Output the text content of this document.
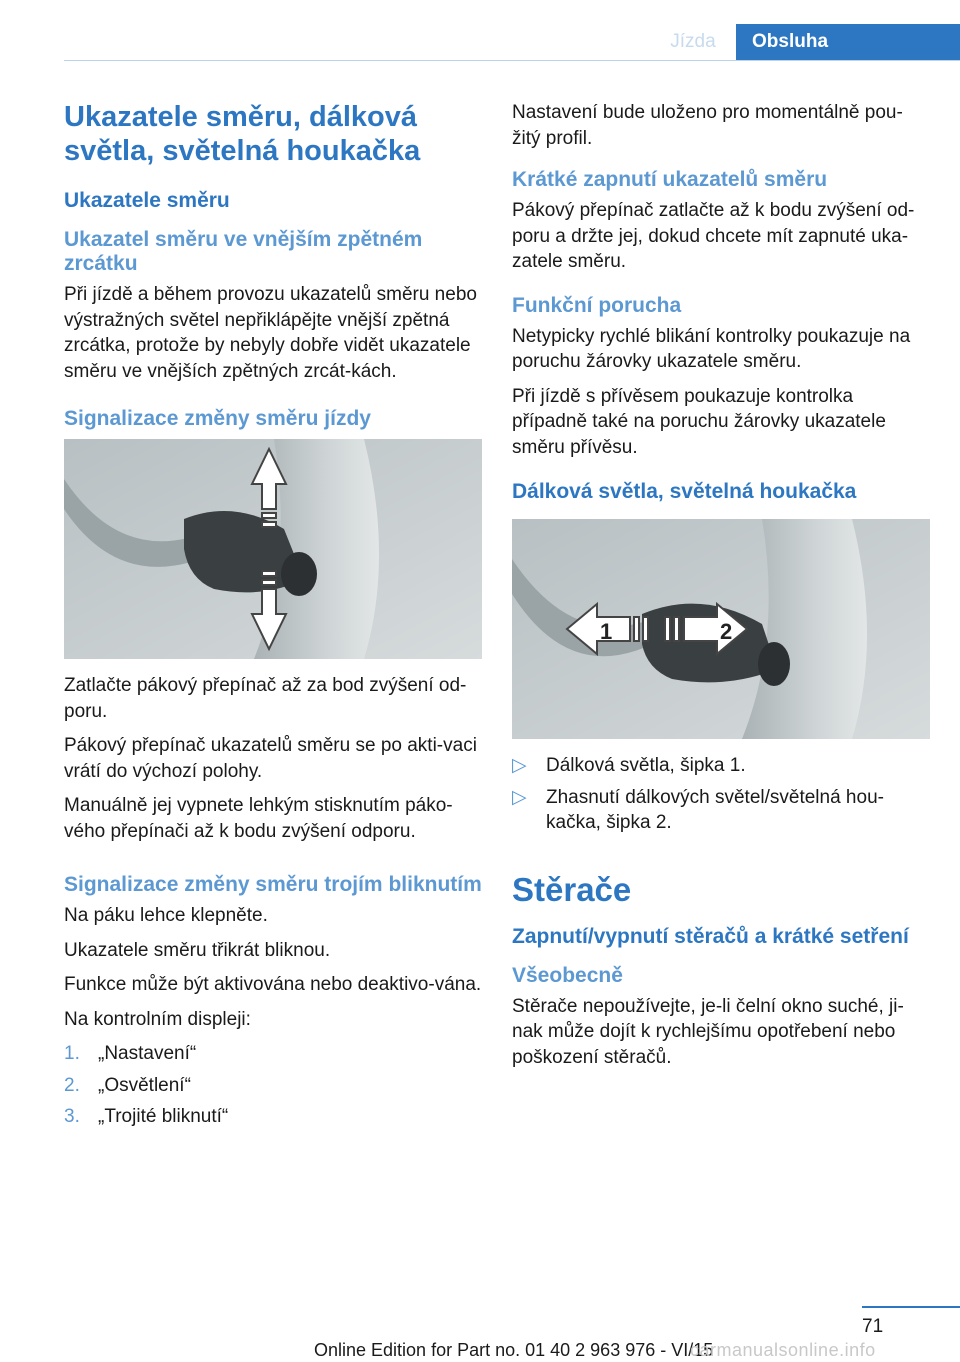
Jízda	Obsluha
Ukazatele směru, dálková světla, světelná houkačka
Ukazatele směru
Ukazatel směru ve vnějším zpětném zrcátku

Při jízdě a během provozu ukazatelů směru nebo výstražných světel nepřiklápějte vnější zpětná zrcátka, protože by nebyly dobře vidět ukazatele směru ve vnějších zpětných zrcát‐kách.

Signalizace změny směru jízdy

Zatlačte pákový přepínač až za bod zvýšení od‐poru.

Pákový přepínač ukazatelů směru se po akti‐vaci vrátí do výchozí polohy.

Manuálně jej vypnete lehkým stisknutím páko‐vého přepínači až k bodu zvýšení odporu.

Signalizace změny směru trojím bliknutím

Na páku lehce klepněte.

Ukazatele směru třikrát bliknou.

Funkce může být aktivována nebo deaktivo‐vána.

Na kontrolním displeji:

1. „Nastavení“
2. „Osvětlení“
3. „Trojité bliknutí“

Nastavení bude uloženo pro momentálně pou‐žitý profil.

Krátké zapnutí ukazatelů směru

Pákový přepínač zatlačte až k bodu zvýšení od‐poru a držte jej, dokud chcete mít zapnuté uka‐zatele směru.

Funkční porucha

Netypicky rychlé blikání kontrolky poukazuje na poruchu žárovky ukazatele směru.

Při jízdě s přívěsem poukazuje kontrolka případně také na poruchu žárovky ukazatele směru přívěsu.

Dálková světla, světelná houkačka
1	2
▷ Dálková světla, šipka 1.
▷ Zhasnutí dálkových světel/světelná hou‐kačka, šipka 2.
Stěrače
Zapnutí/vypnutí stěračů a krátké setření
Všeobecně

Stěrače nepoužívejte, je-li čelní okno suché, ji‐nak může dojít k rychlejšímu opotřebení nebo poškození stěračů.

71
Online Edition for Part no. 01 40 2 963 976 - VI/15
carmanualsonline.info
